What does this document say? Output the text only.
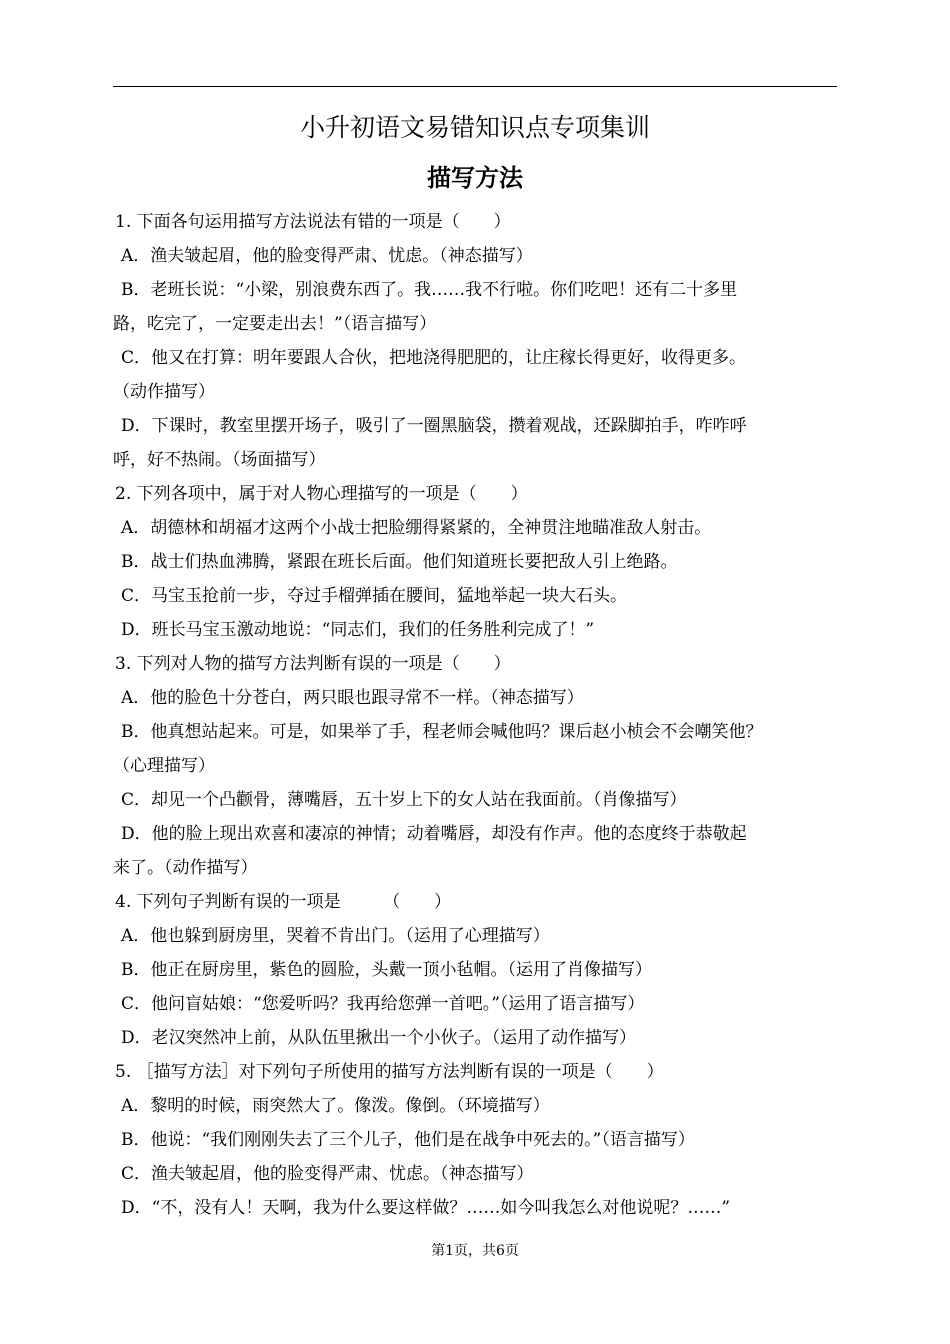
小升初语文易错知识点专项集训
描写方法
1. 下面各句运用描写方法说法有错的一项是（　　）
A．渔夫皱起眉，他的脸变得严肃、忧虑。（神态描写）
B．老班长说：“小梁，别浪费东西了。我……我不行啦。你们吃吧！还有二十多里
路，吃完了，一定要走出去！”（语言描写）
C．他又在打算：明年要跟人合伙，把地浇得肥肥的，让庄稼长得更好，收得更多。
（动作描写）
D．下课时，教室里摆开场子，吸引了一圈黑脑袋，攒着观战，还跺脚拍手，咋咋呼
呼，好不热闹。（场面描写）
2. 下列各项中，属于对人物心理描写的一项是（　　）
A．胡德林和胡福才这两个小战士把脸绷得紧紧的，全神贯注地瞄准敌人射击。
B．战士们热血沸腾，紧跟在班长后面。他们知道班长要把敌人引上绝路。
C．马宝玉抢前一步，夺过手榴弹插在腰间，猛地举起一块大石头。
D．班长马宝玉激动地说：“同志们，我们的任务胜利完成了！”
3. 下列对人物的描写方法判断有误的一项是（　　）
A．他的脸色十分苍白，两只眼也跟寻常不一样。（神态描写）
B．他真想站起来。可是，如果举了手，程老师会喊他吗？课后赵小桢会不会嘲笑他？
（心理描写）
C．却见一个凸颧骨，薄嘴唇，五十岁上下的女人站在我面前。（肖像描写）
D．他的脸上现出欢喜和凄凉的神情；动着嘴唇，却没有作声。他的态度终于恭敬起
来了。（动作描写）
4. 下列句子判断有误的一项是　　　（　　）
A．他也躲到厨房里，哭着不肯出门。（运用了心理描写）
B．他正在厨房里，紫色的圆脸，头戴一顶小毡帽。（运用了肖像描写）
C．他问盲姑娘：“您爱听吗？我再给您弹一首吧。”（运用了语言描写）
D．老汉突然冲上前，从队伍里揪出一个小伙子。（运用了动作描写）
5. ［描写方法］对下列句子所使用的描写方法判断有误的一项是（　　）
A．黎明的时候，雨突然大了。像泼。像倒。（环境描写）
B．他说：“我们刚刚失去了三个儿子，他们是在战争中死去的。”（语言描写）
C．渔夫皱起眉，他的脸变得严肃、忧虑。（神态描写）
D．“不，没有人！天啊，我为什么要这样做？……如今叫我怎么对他说呢？……”
第1页，共6页
